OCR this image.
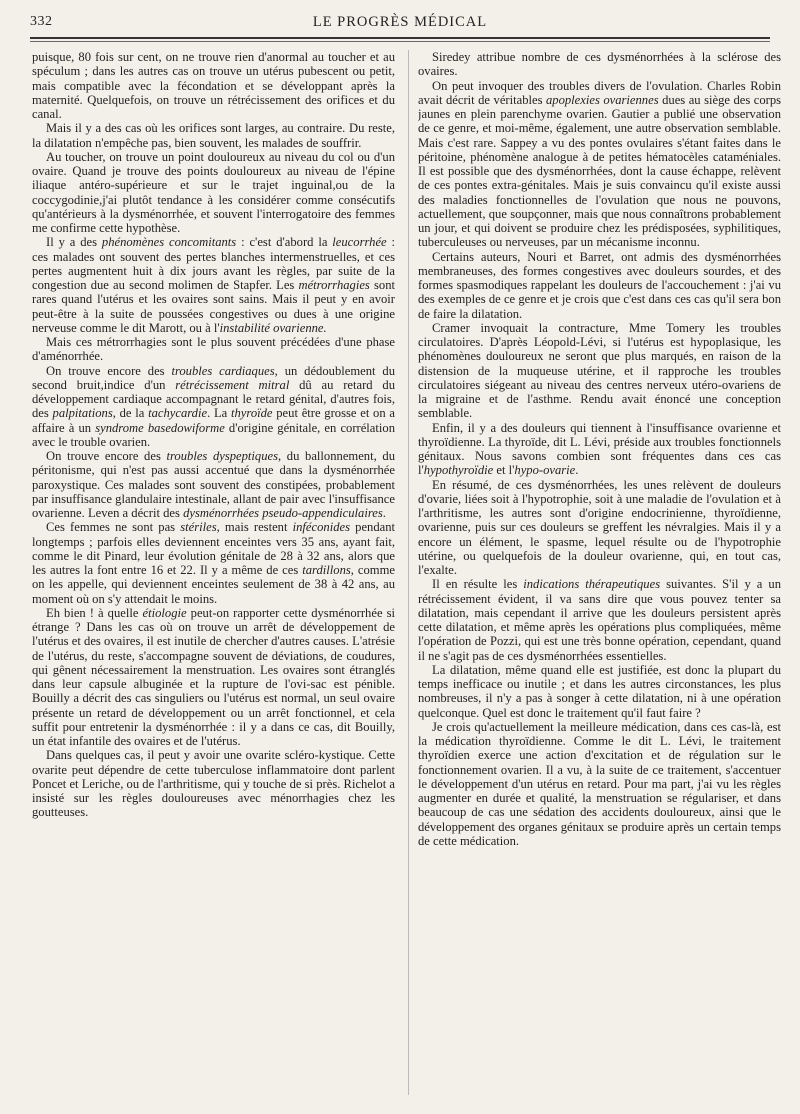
332	LE PROGRÈS MÉDICAL

puisque, 80 fois sur cent, on ne trouve rien d'anormal au toucher et au spéculum ; dans les autres cas on trouve un utérus pubescent ou petit, mais compatible avec la fécondation et se développant après la maternité. Quelquefois, on trouve un rétrécissement des orifices et du canal.

Mais il y a des cas où les orifices sont larges, au contraire. Du reste, la dilatation n'empêche pas, bien souvent, les malades de souffrir.

Au toucher, on trouve un point douloureux au niveau du col ou d'un ovaire. Quand je trouve des points douloureux au niveau de l'épine iliaque antéro-supérieure et sur le trajet inguinal,ou de la coccygodinie,j'ai plutôt tendance à les considérer comme consécutifs qu'antérieurs à la dysménorrhée, et souvent l'interrogatoire des femmes me confirme cette hypothèse.

Il y a des phénomènes concomitants : c'est d'abord la leucorrhée : ces malades ont souvent des pertes blanches intermenstruelles, et ces pertes augmentent huit à dix jours avant les règles, par suite de la congestion due au second molimen de Stapfer. Les métrorrhagies sont rares quand l'utérus et les ovaires sont sains. Mais il peut y en avoir peut-être à la suite de poussées congestives ou dues à une origine nerveuse comme le dit Marott, ou à l'instabilité ovarienne.

Mais ces métrorrhagies sont le plus souvent précédées d'une phase d'aménorrhée.

On trouve encore des troubles cardiaques, un dédoublement du second bruit,indice d'un rétrécissement mitral dû au retard du développement cardiaque accompagnant le retard génital, d'autres fois, des palpitations, de la tachycardie. La thyroïde peut être grosse et on a affaire à un syndrome basedowiforme d'origine génitale, en corrélation avec le trouble ovarien.

On trouve encore des troubles dyspeptiques, du ballonnement, du péritonisme, qui n'est pas aussi accentué que dans la dysménorrhée paroxystique. Ces malades sont souvent des constipées, probablement par insuffisance glandulaire intestinale, allant de pair avec l'insuffisance ovarienne. Leven a décrit des dysménorrhées pseudo-appendiculaires.

Ces femmes ne sont pas stériles, mais restent inféconides pendant longtemps ; parfois elles deviennent enceintes vers 35 ans, ayant fait, comme le dit Pinard, leur évolution génitale de 28 à 32 ans, alors que les autres la font entre 16 et 22. Il y a même de ces tardillons, comme on les appelle, qui deviennent enceintes seulement de 38 à 42 ans, au moment où on s'y attendait le moins.

Eh bien ! à quelle étiologie peut-on rapporter cette dysménorrhée si étrange ? Dans les cas où on trouve un arrêt de développement de l'utérus et des ovaires, il est inutile de chercher d'autres causes. L'atrésie de l'utérus, du reste, s'accompagne souvent de déviations, de coudures, qui gênent nécessairement la menstruation. Les ovaires sont étranglés dans leur capsule albuginée et la rupture de l'ovi-sac est pénible. Bouilly a décrit des cas singuliers ou l'utérus est normal, un seul ovaire présente un retard de développement ou un arrêt fonctionnel, et cela suffit pour entretenir la dysménorrhée : il y a dans ce cas, dit Bouilly, un état infantile des ovaires et de l'utérus.

Dans quelques cas, il peut y avoir une ovarite scléro-kystique. Cette ovarite peut dépendre de cette tuberculose inflammatoire dont parlent Poncet et Leriche, ou de l'arthritisme, qui y touche de si près. Richelot a insisté sur les règles douloureuses avec ménorrhagies chez les goutteuses.

Siredey attribue nombre de ces dysménorrhées à la sclérose des ovaires.

On peut invoquer des troubles divers de l'ovulation. Charles Robin avait décrit de véritables apoplexies ovariennes dues au siège des corps jaunes en plein parenchyme ovarien. Gautier a publié une observation de ce genre, et moi-même, également, une autre observation semblable. Mais c'est rare. Sappey a vu des pontes ovulaires s'étant faites dans le péritoine, phénomène analogue à de petites hématocèles cataméniales. Il est possible que des dysménorrhées, dont la cause échappe, relèvent de ces pontes extra-génitales. Mais je suis convaincu qu'il existe aussi des maladies fonctionnelles de l'ovulation que nous ne pouvons, actuellement, que soupçonner, mais que nous connaîtrons probablement un jour, et qui doivent se produire chez les prédisposées, syphilitiques, tuberculeuses ou nerveuses, par un mécanisme inconnu.

Certains auteurs, Nouri et Barret, ont admis des dysménorrhées membraneuses, des formes congestives avec douleurs sourdes, et des formes spasmodiques rappelant les douleurs de l'accouchement : j'ai vu des exemples de ce genre et je crois que c'est dans ces cas qu'il sera bon de faire la dilatation.

Cramer invoquait la contracture, Mme Tomery les troubles circulatoires. D'après Léopold-Lévi, si l'utérus est hypoplasique, les phénomènes douloureux ne seront que plus marqués, en raison de la distension de la muqueuse utérine, et il rapproche les troubles circulatoires siégeant au niveau des centres nerveux utéro-ovariens de la migraine et de l'asthme. Rendu avait énoncé une conception semblable.

Enfin, il y a des douleurs qui tiennent à l'insuffisance ovarienne et thyroïdienne. La thyroïde, dit L. Lévi, préside aux troubles fonctionnels génitaux. Nous savons combien sont fréquentes dans ces cas l'hypothyroïdie et l'hypo-ovarie.

En résumé, de ces dysménorrhées, les unes relèvent de douleurs d'ovarie, liées soit à l'hypotrophie, soit à une maladie de l'ovulation et à l'arthritisme, les autres sont d'origine endocrinienne, thyroïdienne, ovarienne, puis sur ces douleurs se greffent les névralgies. Mais il y a encore un élément, le spasme, lequel résulte ou de l'hypotrophie utérine, ou quelquefois de la douleur ovarienne, qui, en tout cas, l'exalte.

Il en résulte les indications thérapeutiques suivantes. S'il y a un rétrécissement évident, il va sans dire que vous pouvez tenter sa dilatation, mais cependant il arrive que les douleurs persistent après cette dilatation, et même après les opérations plus compliquées, même l'opération de Pozzi, qui est une très bonne opération, cependant, quand il ne s'agit pas de ces dysménorrhées essentielles.

La dilatation, même quand elle est justifiée, est donc la plupart du temps inefficace ou inutile ; et dans les autres circonstances, les plus nombreuses, il n'y a pas à songer à cette dilatation, ni à une opération quelconque. Quel est donc le traitement qu'il faut faire ?

Je crois qu'actuellement la meilleure médication, dans ces cas-là, est la médication thyroïdienne. Comme le dit L. Lévi, le traitement thyroïdien exerce une action d'excitation et de régulation sur le fonctionnement ovarien. Il a vu, à la suite de ce traitement, s'accentuer le développement d'un utérus en retard. Pour ma part, j'ai vu les règles augmenter en durée et qualité, la menstruation se régulariser, et dans beaucoup de cas une sédation des accidents douloureux, ainsi que le développement des organes génitaux se produire après un certain temps de cette médication.
